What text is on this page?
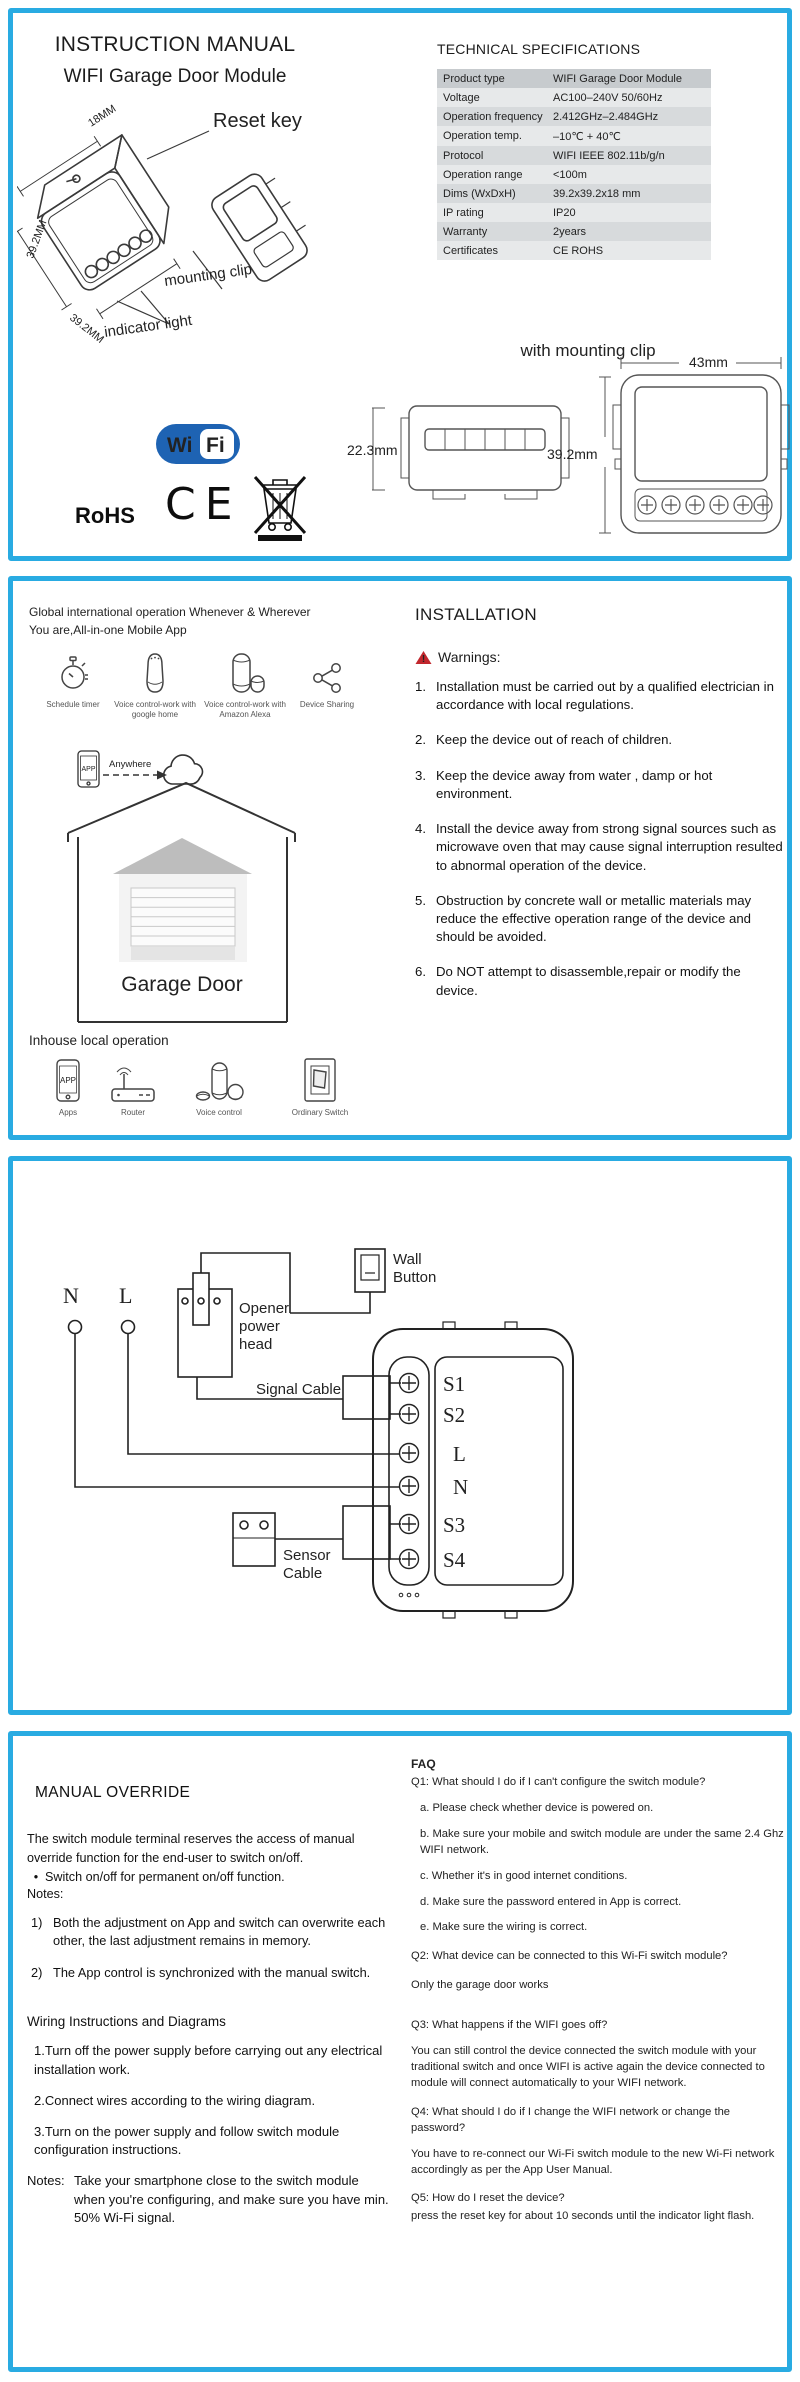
INSTRUCTION MANUAL
WIFI Garage Door Module
TECHNICAL SPECIFICATIONS
Product type	WIFI Garage Door Module
Voltage	AC100–240V 50/60Hz
Operation frequency 2.412GHz–2.484GHz
Operation temp.	–10℃ + 40℃
Protocol	WIFI IEEE 802.11b/g/n
Operation range	<100m
Dims (WxDxH)	39.2x39.2x18 mm
IP rating	IP20
Warranty	2years
Certificates	CE ROHS
Reset key
18MM
39.2MM
39.2MM
mounting clip
indicator light
Wi Fi
RoHS CE
with mounting clip
22.3mm
43mm
39.2mm
Global international operation Whenever & Wherever
You are,All-in-one Mobile App
Schedule timer	Voice control-work with google home
Voice control-work with Amazon Alexa
Device Sharing
Garage Door
APP Anywhere
Inhouse local operation
APP
Apps	Router	Voice control	Ordinary Switch
INSTALLATION
! Warnings:
1. Installation must be carried out by a qualified electrician in accordance with local regulations.
2. Keep the device out of reach of children.
3. Keep the device away from water , damp or hot environment.
4. Install the device away from strong signal sources such as microwave oven that may cause signal interruption resulted to abnormal operation of the device.
5. Obstruction by concrete wall or metallic materials may reduce the effective operation range of the device and should be avoided.
6. Do NOT attempt to disassemble,repair or modify the device.
N L
Opener
power
head
Wall
Button
Signal Cable
Sensor
Cable
S1
S2
L
N
S3
S4
MANUAL OVERRIDE
The switch module terminal reserves the access of manual override function for the end-user to switch on/off.
• Switch on/off for permanent on/off function.
Notes:
1) Both the adjustment on App and switch can overwrite each other, the last adjustment remains in memory.
2) The App control is synchronized with the manual switch.
Wiring Instructions and Diagrams
1.Turn off the power supply before carrying out any electrical installation work.
2.Connect wires according to the wiring diagram.
3.Turn on the power supply and follow switch module configuration instructions.
Notes: Take your smartphone close to the switch module when you're configuring, and make sure you have min. 50% Wi-Fi signal.
FAQ
Q1: What should I do if I can't configure the switch module?
a. Please check whether device is powered on.
b. Make sure your mobile and switch module are under the same 2.4 Ghz WIFI network.
c. Whether it's in good internet conditions.
d. Make sure the password entered in App is correct.
e. Make sure the wiring is correct.
Q2: What device can be connected to this Wi-Fi switch module?
Only the garage door works
Q3: What happens if the WIFI goes off?
You can still control the device connected the switch module with your traditional switch and once WIFI is active again the device connected to module will connect automatically to your WIFI network.
Q4: What should I do if I change the WIFI network or change the password?
You have to re-connect our Wi-Fi switch module to the new Wi-Fi network accordingly as per the App User Manual.
Q5: How do I reset the device?
press the reset key for about 10 seconds until the indicator light flash.
